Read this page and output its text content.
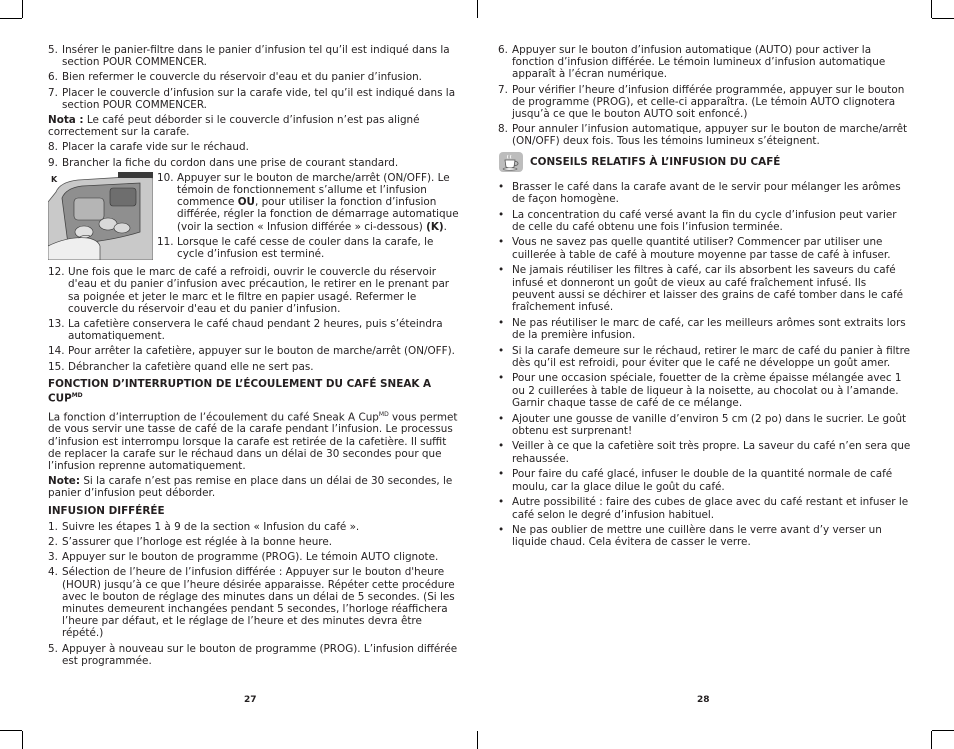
5. Insérer le panier-filtre dans le panier d’infusion tel qu’il est indiqué dans la section POUR COMMENCER.
6. Bien refermer le couvercle du réservoir d'eau et du panier d’infusion.
7. Placer le couvercle d’infusion sur la carafe vide, tel qu’il est indiqué dans la section POUR COMMENCER.

Nota : Le café peut déborder si le couvercle d’infusion n’est pas aligné correctement sur la carafe.

8. Placer la carafe vide sur le réchaud.
9. Brancher la fiche du cordon dans une prise de courant standard.
K	10. Appuyer sur le bouton de marche/arrêt (ON/OFF). Le témoin de fonctionnement s’allume et l’infusion commence OU, pour utiliser la fonction d’infusion différée, régler la fonction de démarrage automatique (voir la section « Infusion différée » ci-dessous) (K).
11. Lorsque le café cesse de couler dans la carafe, le cycle d’infusion est terminé.
12. Une fois que le marc de café a refroidi, ouvrir le couvercle du réservoir d'eau et du panier d’infusion avec précaution, le retirer en le prenant par sa poignée et jeter le marc et le filtre en papier usagé. Refermer le couvercle du réservoir d'eau et du panier d’infusion.
13. La cafetière conservera le café chaud pendant 2 heures, puis s’éteindra automatiquement.
14. Pour arrêter la cafetière, appuyer sur le bouton de marche/arrêt (ON/OFF).
15. Débrancher la cafetière quand elle ne sert pas.
FONCTION D’INTERRUPTION DE L’ÉCOULEMENT DU CAFÉ SNEAK A $CUP^{MD}$

La fonction d’interruption de l’écoulement du café Sneak A Cup$^{MD}$ vous permet de vous servir une tasse de café de la carafe pendant l’infusion. Le processus d’infusion est interrompu lorsque la carafe est retirée de la cafetière. Il suffit de replacer la carafe sur le réchaud dans un délai de 30 secondes pour que l’infusion reprenne automatiquement.

Note: Si la carafe n’est pas remise en place dans un délai de 30 secondes, le panier d’infusion peut déborder.

INFUSION DIFFÉRÉE
1. Suivre les étapes 1 à 9 de la section « Infusion du café ».
2. S’assurer que l’horloge est réglée à la bonne heure.
3. Appuyer sur le bouton de programme (PROG). Le témoin AUTO clignote.
4. Sélection de l’heure de l’infusion différée : Appuyer sur le bouton d'heure (HOUR) jusqu’à ce que l’heure désirée apparaisse. Répéter cette procédure avec le bouton de réglage des minutes dans un délai de 5 secondes. (Si les minutes demeurent inchangées pendant 5 secondes, l’horloge réaffichera l’heure par défaut, et le réglage de l’heure et des minutes devra être répété.)
5. Appuyer à nouveau sur le bouton de programme (PROG). L’infusion différée est programmée.
27
6. Appuyer sur le bouton d’infusion automatique (AUTO) pour activer la fonction d’infusion différée. Le témoin lumineux d’infusion automatique apparaît à l’écran numérique.
7. Pour vérifier l’heure d’infusion différée programmée, appuyer sur le bouton de programme (PROG), et celle-ci apparaîtra. (Le témoin AUTO clignotera jusqu’à ce que le bouton AUTO soit enfoncé.)
8. Pour annuler l’infusion automatique, appuyer sur le bouton de marche/arrêt (ON/OFF) deux fois. Tous les témoins lumineux s’éteignent.
CONSEILS RELATIFS À L’INFUSION DU CAFÉ
• Brasser le café dans la carafe avant de le servir pour mélanger les arômes de façon homogène.
• La concentration du café versé avant la fin du cycle d’infusion peut varier de celle du café obtenu une fois l’infusion terminée.
• Vous ne savez pas quelle quantité utiliser? Commencer par utiliser une cuillerée à table de café à mouture moyenne par tasse de café à infuser.
• Ne jamais réutiliser les filtres à café, car ils absorbent les saveurs du café infusé et donneront un goût de vieux au café fraîchement infusé. Ils peuvent aussi se déchirer et laisser des grains de café tomber dans le café fraîchement infusé.
• Ne pas réutiliser le marc de café, car les meilleurs arômes sont extraits lors de la première infusion.
• Si la carafe demeure sur le réchaud, retirer le marc de café du panier à filtre dès qu’il est refroidi, pour éviter que le café ne développe un goût amer.
• Pour une occasion spéciale, fouetter de la crème épaisse mélangée avec 1 ou 2 cuillerées à table de liqueur à la noisette, au chocolat ou à l’amande. Garnir chaque tasse de café de ce mélange.
• Ajouter une gousse de vanille d’environ 5 cm (2 po) dans le sucrier. Le goût obtenu est surprenant!
• Veiller à ce que la cafetière soit très propre. La saveur du café n’en sera que rehaussée.
• Pour faire du café glacé, infuser le double de la quantité normale de café moulu, car la glace dilue le goût du café.
• Autre possibilité : faire des cubes de glace avec du café restant et infuser le café selon le degré d’infusion habituel.
• Ne pas oublier de mettre une cuillère dans le verre avant d’y verser un liquide chaud. Cela évitera de casser le verre.
28
